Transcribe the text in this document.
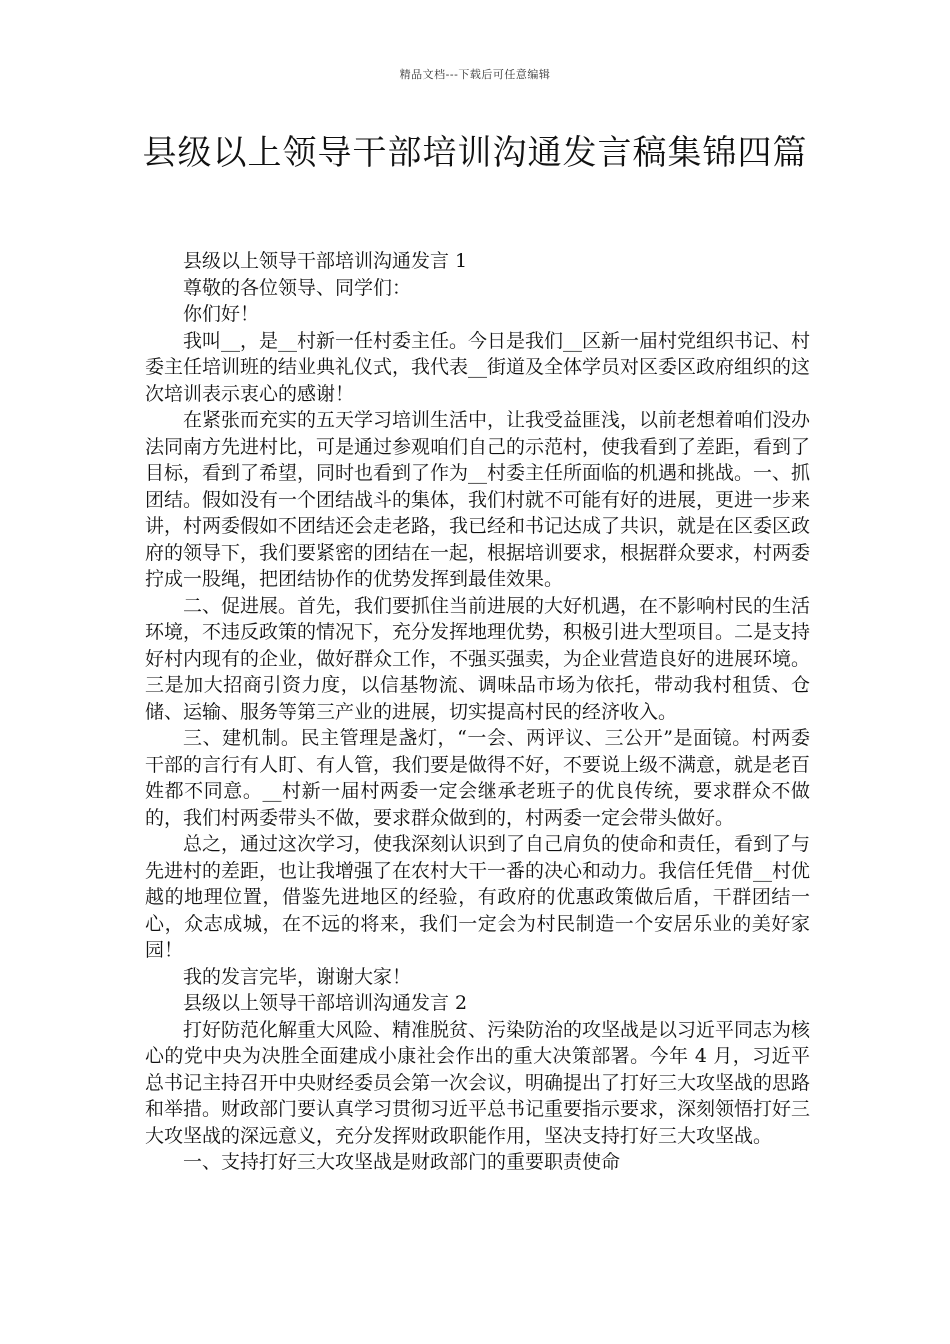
精品文档---下载后可任意编辑
县级以上领导干部培训沟通发言稿集锦四篇

县级以上领导干部培训沟通发言 1

尊敬的各位领导、同学们：

你们好！

我叫__，是__村新一任村委主任。今日是我们__区新一届村党组织书记、村委主任培训班的结业典礼仪式，我代表__街道及全体学员对区委区政府组织的这次培训表示衷心的感谢！

在紧张而充实的五天学习培训生活中，让我受益匪浅，以前老想着咱们没办法同南方先进村比，可是通过参观咱们自己的示范村，使我看到了差距，看到了目标，看到了希望，同时也看到了作为__村委主任所面临的机遇和挑战。一、抓团结。假如没有一个团结战斗的集体，我们村就不可能有好的进展，更进一步来讲，村两委假如不团结还会走老路，我已经和书记达成了共识，就是在区委区政府的领导下，我们要紧密的团结在一起，根据培训要求，根据群众要求，村两委拧成一股绳，把团结协作的优势发挥到最佳效果。

二、促进展。首先，我们要抓住当前进展的大好机遇，在不影响村民的生活环境，不违反政策的情况下，充分发挥地理优势，积极引进大型项目。二是支持好村内现有的企业，做好群众工作，不强买强卖，为企业营造良好的进展环境。三是加大招商引资力度，以信基物流、调味品市场为依托，带动我村租赁、仓储、运输、服务等第三产业的进展，切实提高村民的经济收入。

三、建机制。民主管理是盏灯，“一会、两评议、三公开”是面镜。村两委干部的言行有人盯、有人管，我们要是做得不好，不要说上级不满意，就是老百姓都不同意。__村新一届村两委一定会继承老班子的优良传统，要求群众不做的，我们村两委带头不做，要求群众做到的，村两委一定会带头做好。

总之，通过这次学习，使我深刻认识到了自己肩负的使命和责任，看到了与先进村的差距，也让我增强了在农村大干一番的决心和动力。我信任凭借__村优越的地理位置，借鉴先进地区的经验，有政府的优惠政策做后盾，干群团结一心，众志成城，在不远的将来，我们一定会为村民制造一个安居乐业的美好家园！

我的发言完毕，谢谢大家！

县级以上领导干部培训沟通发言 2

打好防范化解重大风险、精准脱贫、污染防治的攻坚战是以习近平同志为核心的党中央为决胜全面建成小康社会作出的重大决策部署。今年 4 月，习近平总书记主持召开中央财经委员会第一次会议，明确提出了打好三大攻坚战的思路和举措。财政部门要认真学习贯彻习近平总书记重要指示要求，深刻领悟打好三大攻坚战的深远意义，充分发挥财政职能作用，坚决支持打好三大攻坚战。

一、支持打好三大攻坚战是财政部门的重要职责使命
